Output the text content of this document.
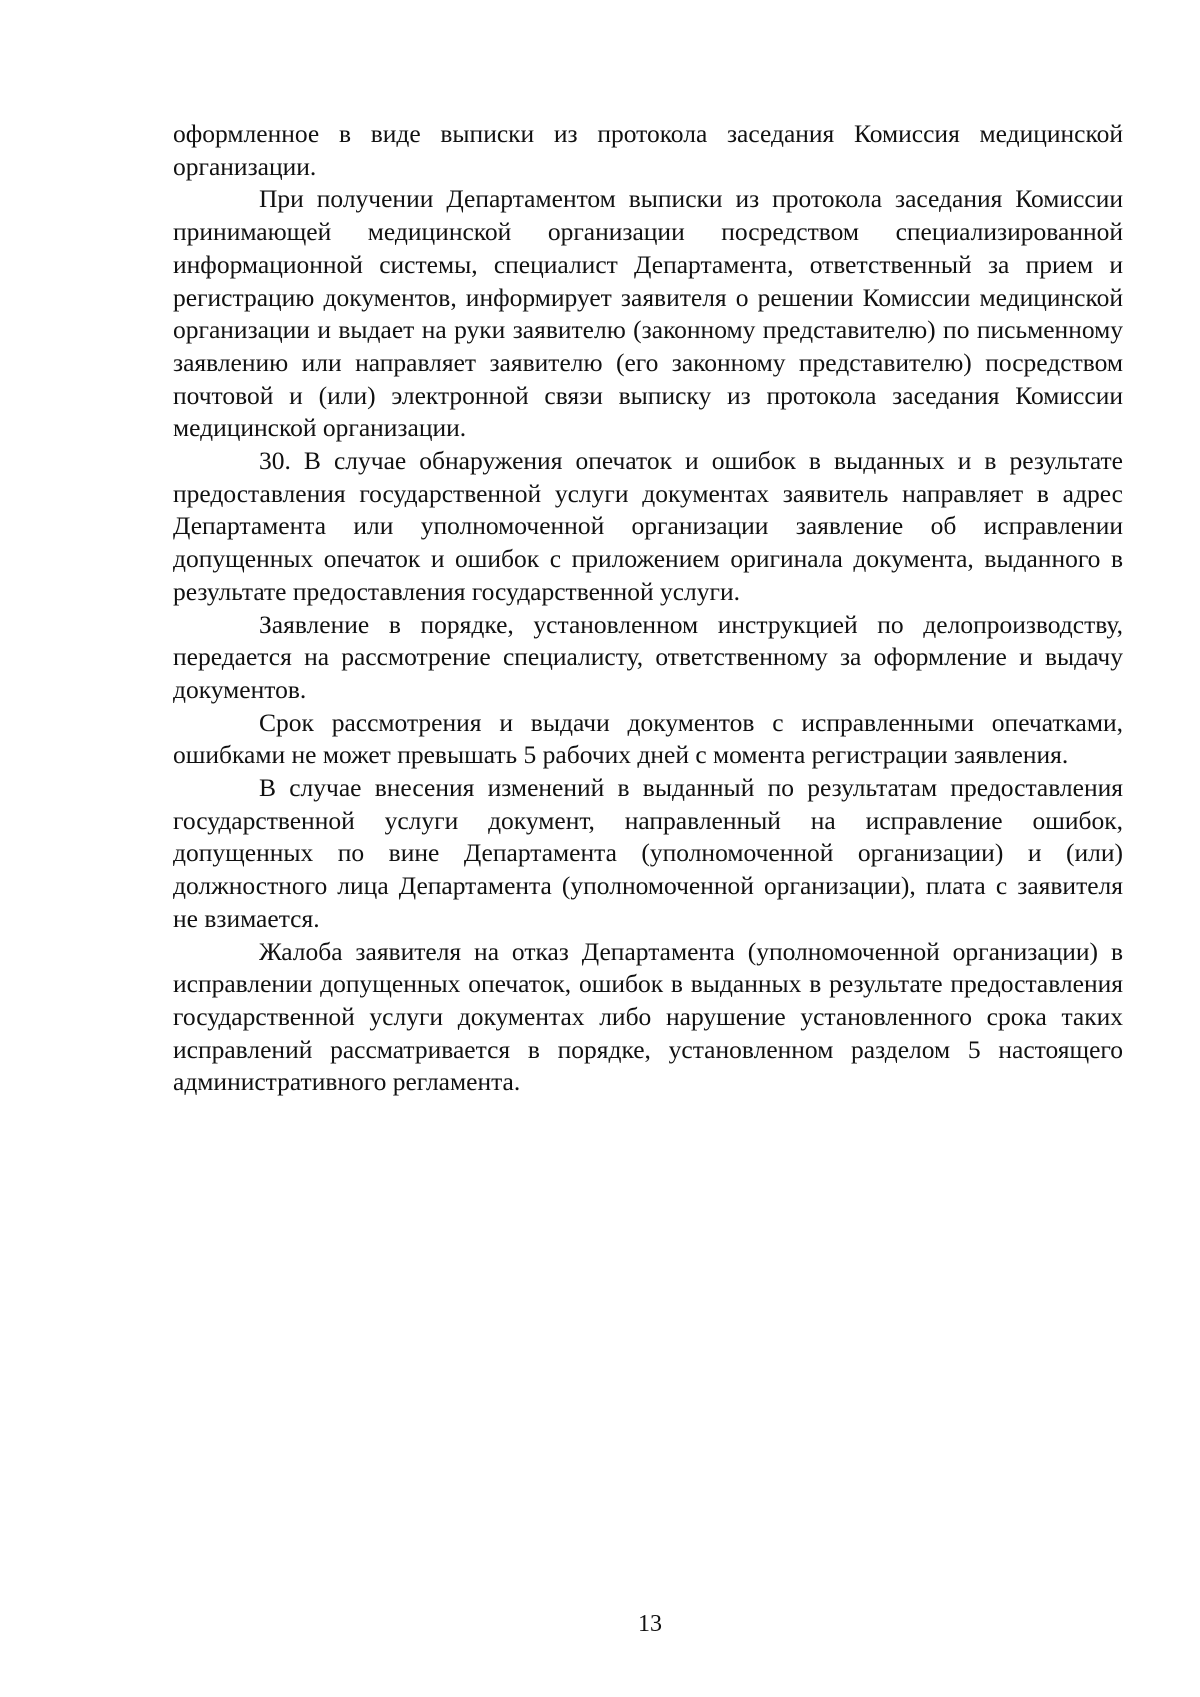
оформленное в виде выписки из протокола заседания Комиссия медицинской организации.

При получении Департаментом выписки из протокола заседания Комиссии принимающей медицинской организации посредством специализированной информационной системы, специалист Департамента, ответственный за прием и регистрацию документов, информирует заявителя о решении Комиссии медицинской организации и выдает на руки заявителю (законному представителю) по письменному заявлению или направляет заявителю (его законному представителю) посредством почтовой и (или) электронной связи выписку из протокола заседания Комиссии медицинской организации.

30. В случае обнаружения опечаток и ошибок в выданных и в результате предоставления государственной услуги документах заявитель направляет в адрес Департамента или уполномоченной организации заявление об исправлении допущенных опечаток и ошибок с приложением оригинала документа, выданного в результате предоставления государственной услуги.

Заявление в порядке, установленном инструкцией по делопроизводству, передается на рассмотрение специалисту, ответственному за оформление и выдачу документов.

Срок рассмотрения и выдачи документов с исправленными опечатками, ошибками не может превышать 5 рабочих дней с момента регистрации заявления.

В случае внесения изменений в выданный по результатам предоставления государственной услуги документ, направленный на исправление ошибок, допущенных по вине Департамента (уполномоченной организации) и (или) должностного лица Департамента (уполномоченной организации), плата с заявителя не взимается.

Жалоба заявителя на отказ Департамента (уполномоченной организации) в исправлении допущенных опечаток, ошибок в выданных в результате предоставления государственной услуги документах либо нарушение установленного срока таких исправлений рассматривается в порядке, установленном разделом 5 настоящего административного регламента.

13
